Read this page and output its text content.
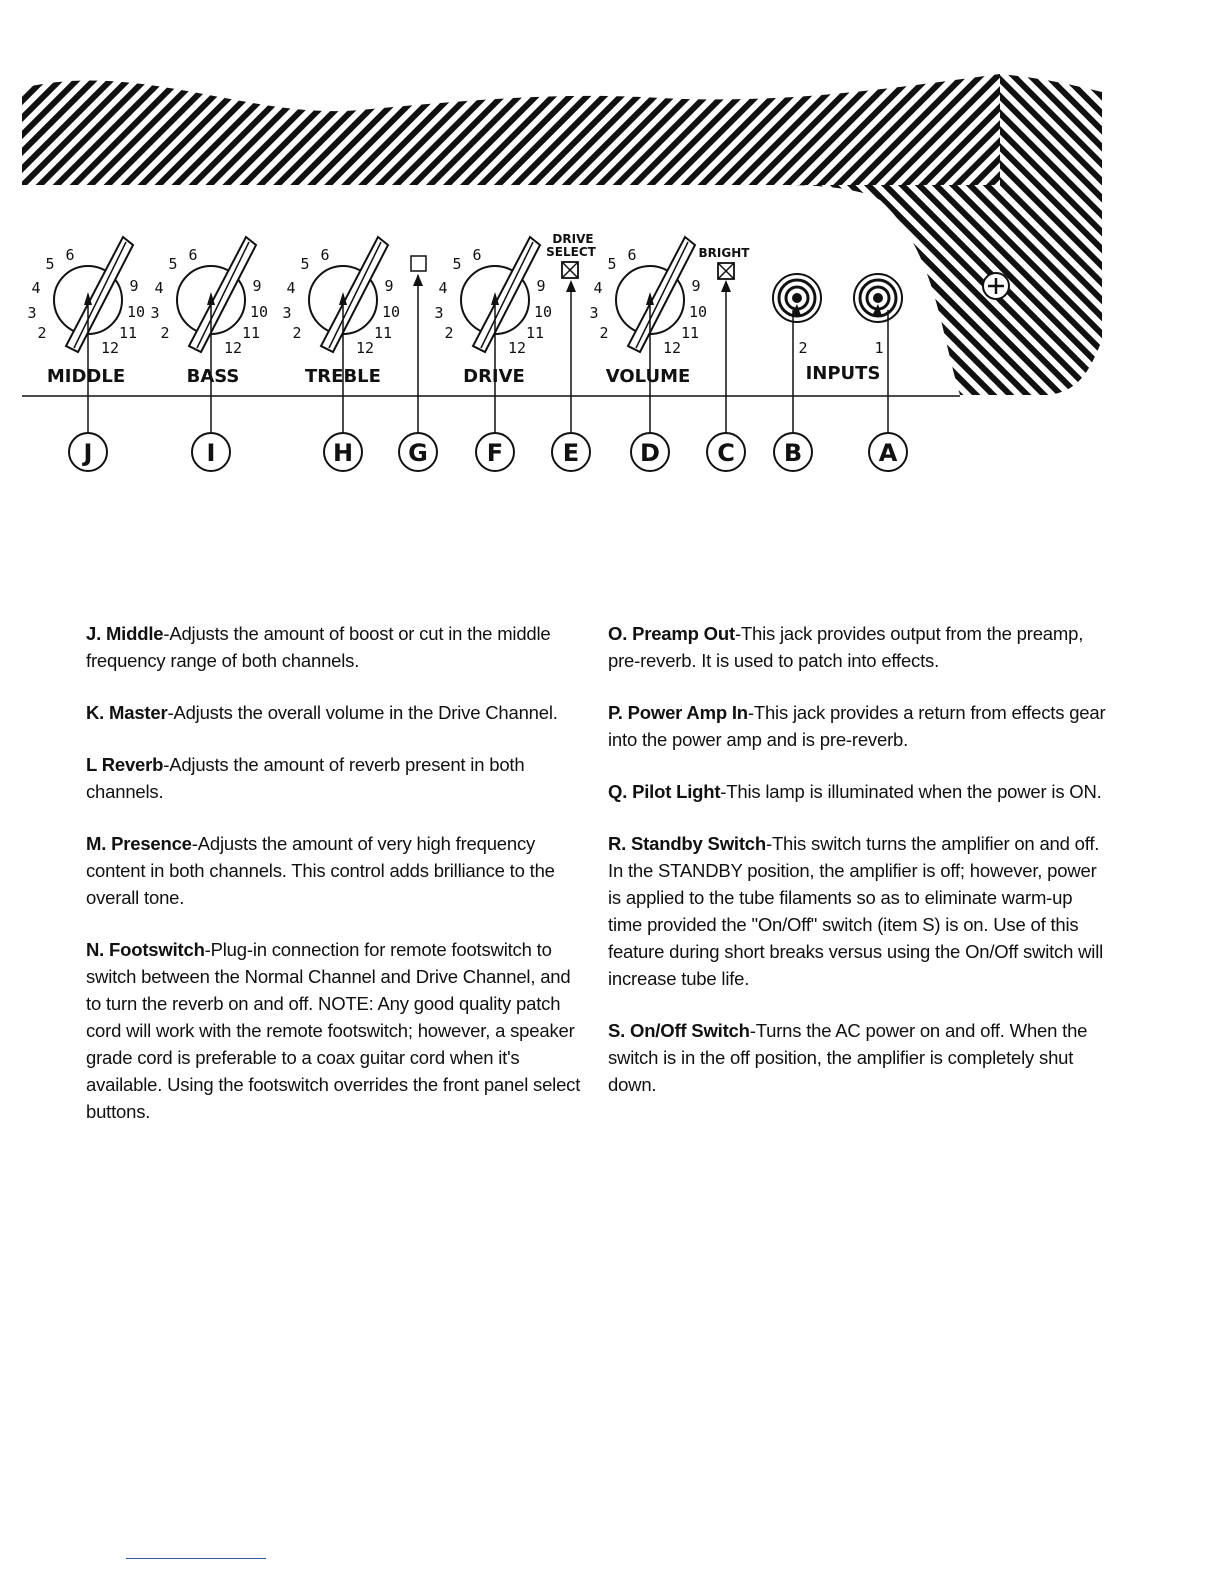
2
3
4
5 6
9
10
11
12
MIDDLE
2
3
4
5 6
9
10
11
12
BASS
2
3
4
5 6
9
10
11
12
TREBLE
2
3
4
5 6
9
10
11
12
DRIVE
2
3
4
5 6
9
10
11
12
VOLUME
DRIVE
SELECT	BRIGHT
2	1
INPUTS
J	I	H G F E	D C B	A

J. Middle-Adjusts the amount of boost or cut in the middle frequency range of both channels.

K. Master-Adjusts the overall volume in the Drive Channel.

L Reverb-Adjusts the amount of reverb present in both channels.

M. Presence-Adjusts the amount of very high frequency content in both channels. This control adds brilliance to the overall tone.

N. Footswitch-Plug-in connection for remote footswitch to switch between the Normal Channel and Drive Channel, and to turn the reverb on and off. NOTE: Any good quality patch cord will work with the remote footswitch; however, a speaker grade cord is preferable to a coax guitar cord when it's available. Using the footswitch overrides the front panel select buttons.

O. Preamp Out-This jack provides output from the preamp, pre-reverb. It is used to patch into effects.

P. Power Amp In-This jack provides a return from effects gear into the power amp and is pre-reverb.

Q. Pilot Light-This lamp is illuminated when the power is ON.

R. Standby Switch-This switch turns the amplifier on and off. In the STANDBY position, the amplifier is off; however, power is applied to the tube filaments so as to eliminate warm-up time provided the "On/Off" switch (item S) is on. Use of this feature during short breaks versus using the On/Off switch will increase tube life.

S. On/Off Switch-Turns the AC power on and off. When the switch is in the off position, the amplifier is completely shut down.
